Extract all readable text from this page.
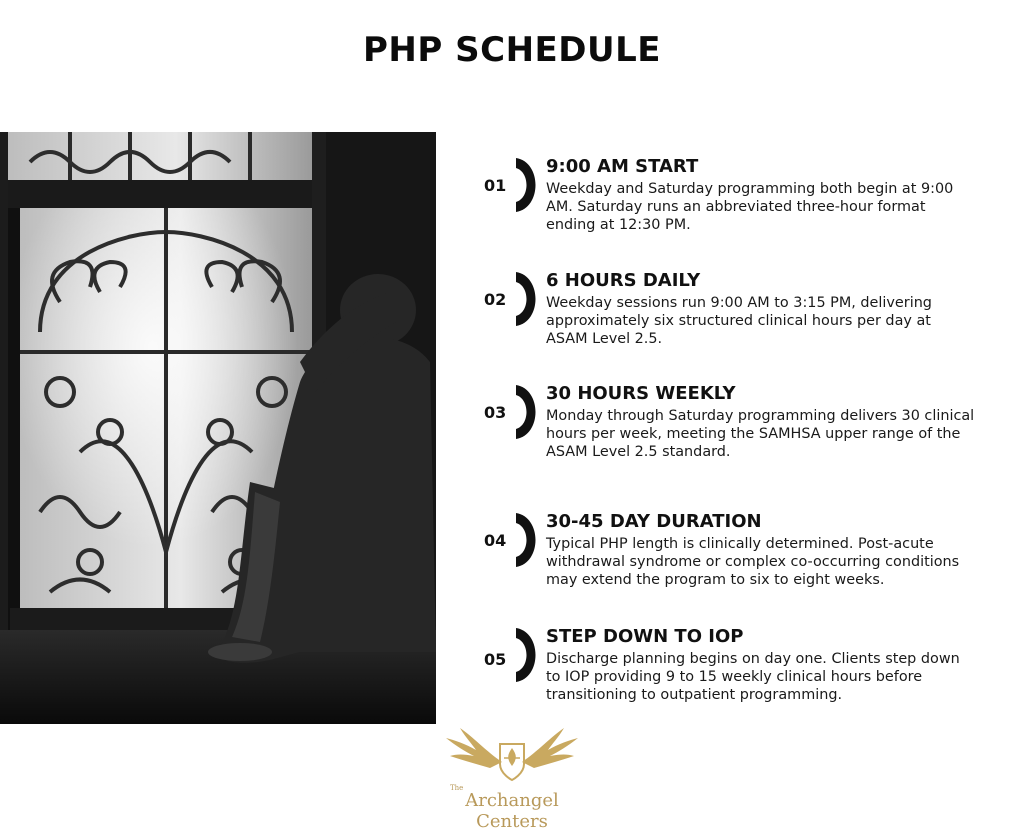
PHP SCHEDULE
01
9:00 AM START
Weekday and Saturday programming both begin at 9:00 AM. Saturday runs an abbreviated three-hour format ending at 12:30 PM.
02
6 HOURS DAILY
Weekday sessions run 9:00 AM to 3:15 PM, delivering approximately six structured clinical hours per day at ASAM Level 2.5.
03
30 HOURS WEEKLY
Monday through Saturday programming delivers 30 clinical hours per week, meeting the SAMHSA upper range of the ASAM Level 2.5 standard.
04
30-45 DAY DURATION
Typical PHP length is clinically determined. Post-acute withdrawal syndrome or complex co-occurring conditions may extend the program to six to eight weeks.
05
STEP DOWN TO IOP
Discharge planning begins on day one. Clients step down to IOP providing 9 to 15 weekly clinical hours before transitioning to outpatient programming.
The
Archangel Centers
